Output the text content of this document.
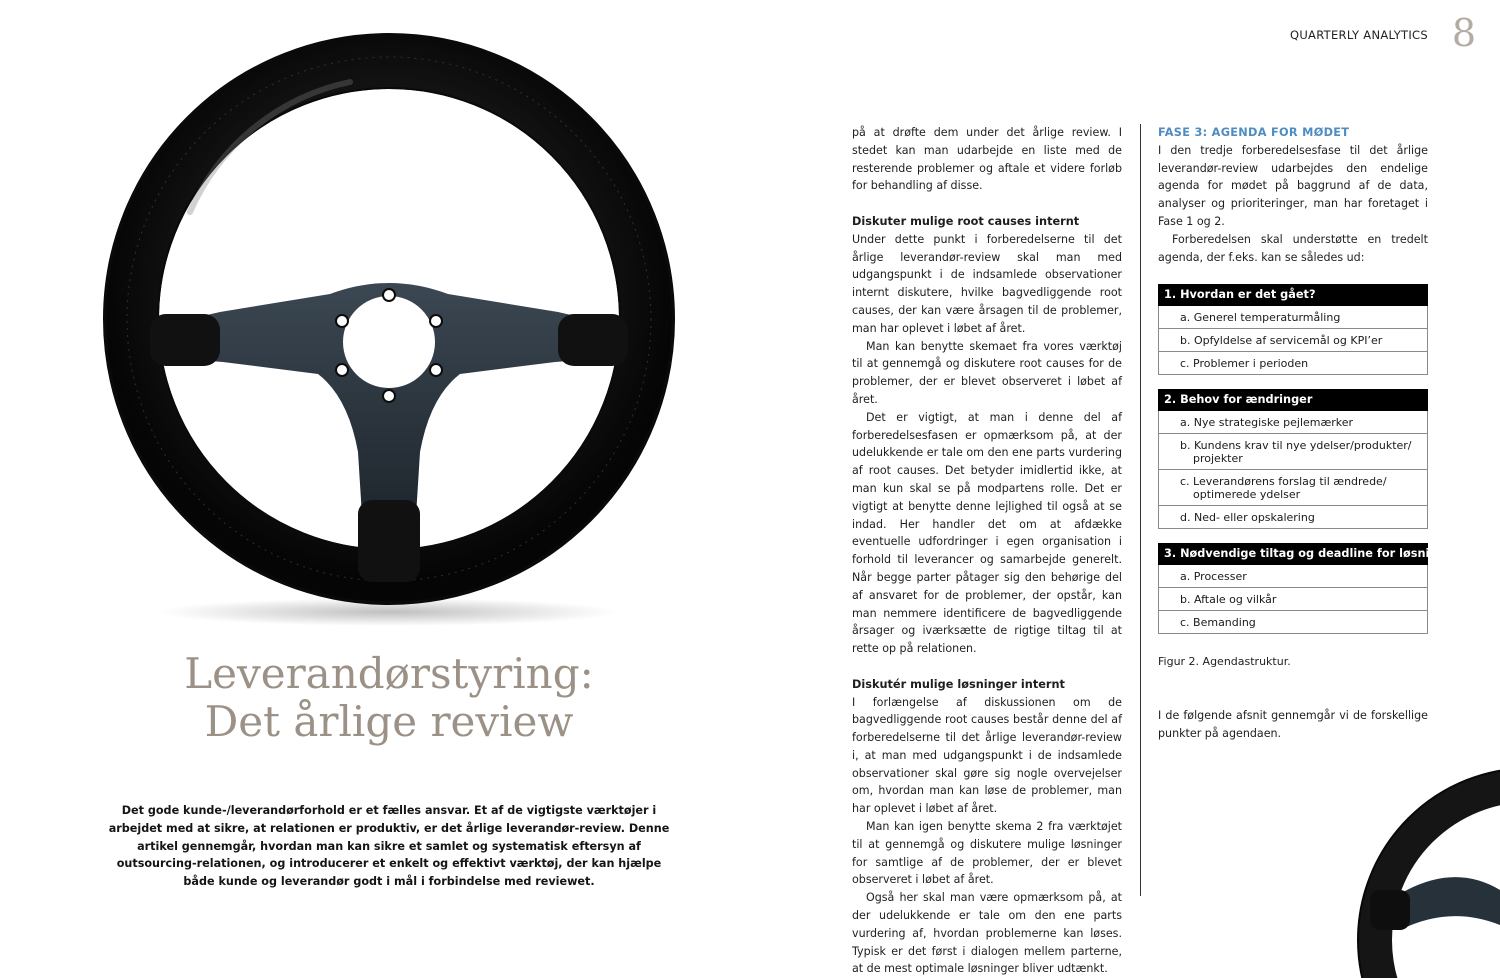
QUARTERLY ANALYTICS 8
Leverandørstyring:
Det årlige review

Det gode kunde-/leverandørforhold er et fælles ansvar. Et af de vigtigste værktøjer i arbejdet med at sikre, at relationen er produktiv, er det årlige leverandør-review. Denne artikel gennemgår, hvordan man kan sikre et samlet og systematisk eftersyn af outsourcing-relationen, og introducerer et enkelt og effektivt værktøj, der kan hjælpe både kunde og leverandør godt i mål i forbindelse med reviewet.

på at drøfte dem under det årlige review. I stedet kan man udarbejde en liste med de resterende problemer og aftale et videre forløb for behandling af disse.

Diskuter mulige root causes internt

Under dette punkt i forberedelserne til det årlige leverandør-review skal man med udgangspunkt i de indsamlede observationer internt diskutere, hvilke bagvedliggende root causes, der kan være årsagen til de problemer, man har oplevet i løbet af året.

Man kan benytte skemaet fra vores værktøj til at gennemgå og diskutere root causes for de problemer, der er blevet observeret i løbet af året.

Det er vigtigt, at man i denne del af forberedelsesfasen er opmærksom på, at der udelukkende er tale om den ene parts vurdering af root causes. Det betyder imidlertid ikke, at man kun skal se på modpartens rolle. Det er vigtigt at benytte denne lejlighed til også at se indad. Her handler det om at afdække eventuelle udfordringer i egen organisation i forhold til leverancer og samarbejde generelt. Når begge parter påtager sig den behørige del af ansvaret for de problemer, der opstår, kan man nemmere identificere de bagvedliggende årsager og iværksætte de rigtige tiltag til at rette op på relationen.

Diskutér mulige løsninger internt

I forlængelse af diskussionen om de bagvedliggende root causes består denne del af forberedelserne til det årlige leverandør-review i, at man med udgangspunkt i de indsamlede observationer skal gøre sig nogle overvejelser om, hvordan man kan løse de problemer, man har oplevet i løbet af året.

Man kan igen benytte skema 2 fra værktøjet til at gennemgå og diskutere mulige løsninger for samtlige af de problemer, der er blevet observeret i løbet af året.

Også her skal man være opmærksom på, at der udelukkende er tale om den ene parts vurdering af, hvordan problemerne kan løses. Typisk er det først i dialogen mellem parterne, at de mest optimale løsninger bliver udtænkt.

FASE 3: AGENDA FOR MØDET

I den tredje forberedelsesfase til det årlige leverandør-review udarbejdes den endelige agenda for mødet på baggrund af de data, analyser og prioriteringer, man har foretaget i Fase 1 og 2.

Forberedelsen skal understøtte en tredelt agenda, der f.eks. kan se således ud:

1. Hvordan er det gået?
a. Generel temperaturmåling
b. Opfyldelse af servicemål og KPI’er
c. Problemer i perioden
2. Behov for ændringer
a. Nye strategiske pejlemærker
b. Kundens krav til nye ydelser/produkter/ projekter
c. Leverandørens forslag til ændrede/ optimerede ydelser
d. Ned- eller opskalering
3. Nødvendige tiltag og deadline for løsning
a. Processer
b. Aftale og vilkår
c. Bemanding
Figur 2. Agendastruktur.

I de følgende afsnit gennemgår vi de forskellige punkter på agendaen.
